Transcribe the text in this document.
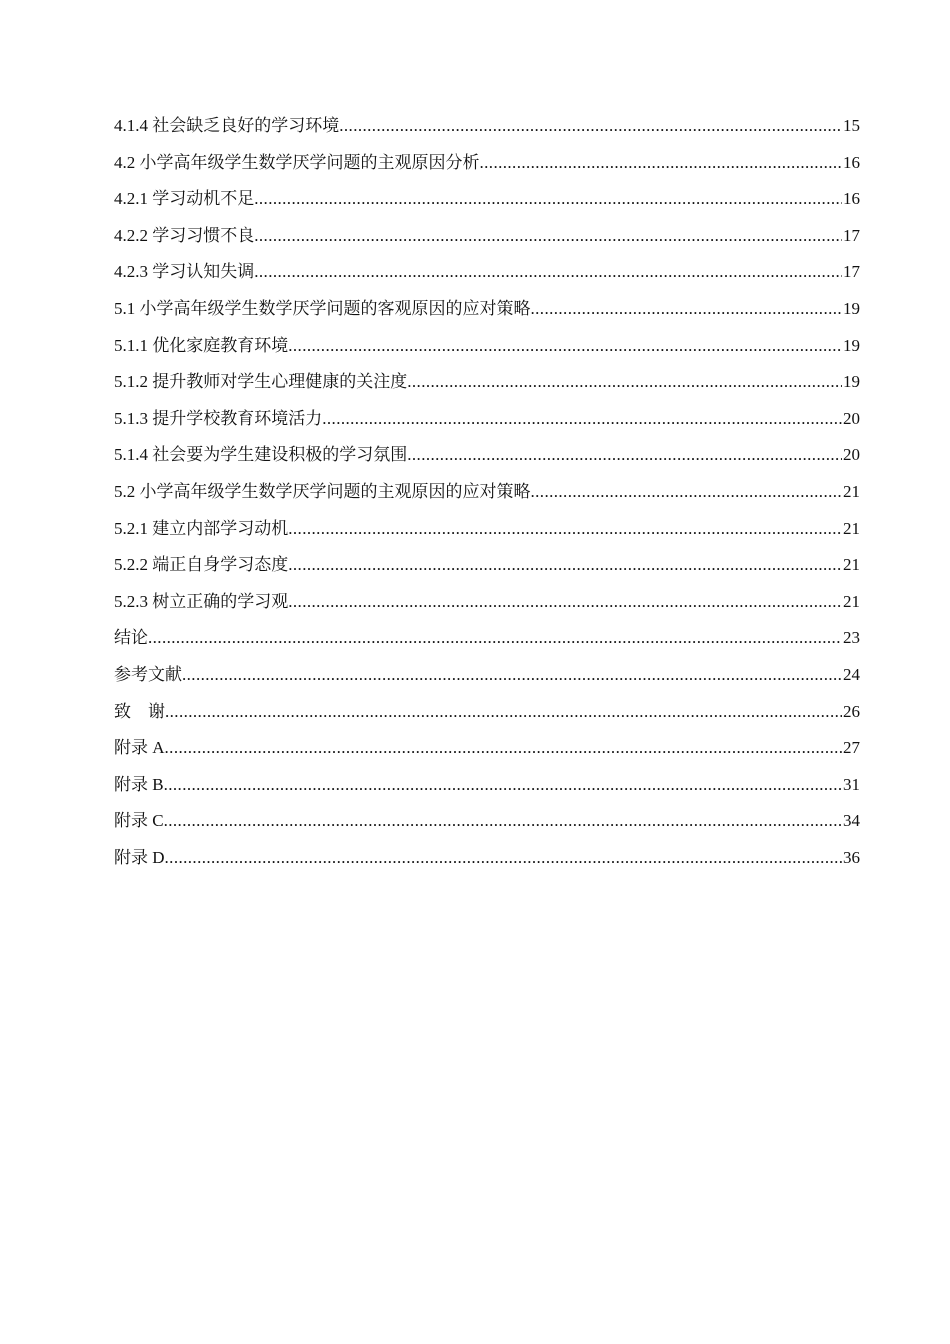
4.1.4 社会缺乏良好的学习环境 .....	15
4.2 小学高年级学生数学厌学问题的主观原因分析 .....	16
4.2.1 学习动机不足 .....	16
4.2.2 学习习惯不良 .....	17
4.2.3 学习认知失调 .....	17
5.1 小学高年级学生数学厌学问题的客观原因的应对策略 .....	19
5.1.1 优化家庭教育环境 .....	19
5.1.2 提升教师对学生心理健康的关注度 .....	19
5.1.3 提升学校教育环境活力 .....	20
5.1.4 社会要为学生建设积极的学习氛围 .....	20
5.2 小学高年级学生数学厌学问题的主观原因的应对策略 .....	21
5.2.1 建立内部学习动机 .....	21
5.2.2 端正自身学习态度 .....	21
5.2.3 树立正确的学习观 .....	21
结论 .....	23
参考文献 .....	24
致　谢 .....	26
附录 A .....	27
附录 B .....	31
附录 C .....	34
附录 D .....	36
